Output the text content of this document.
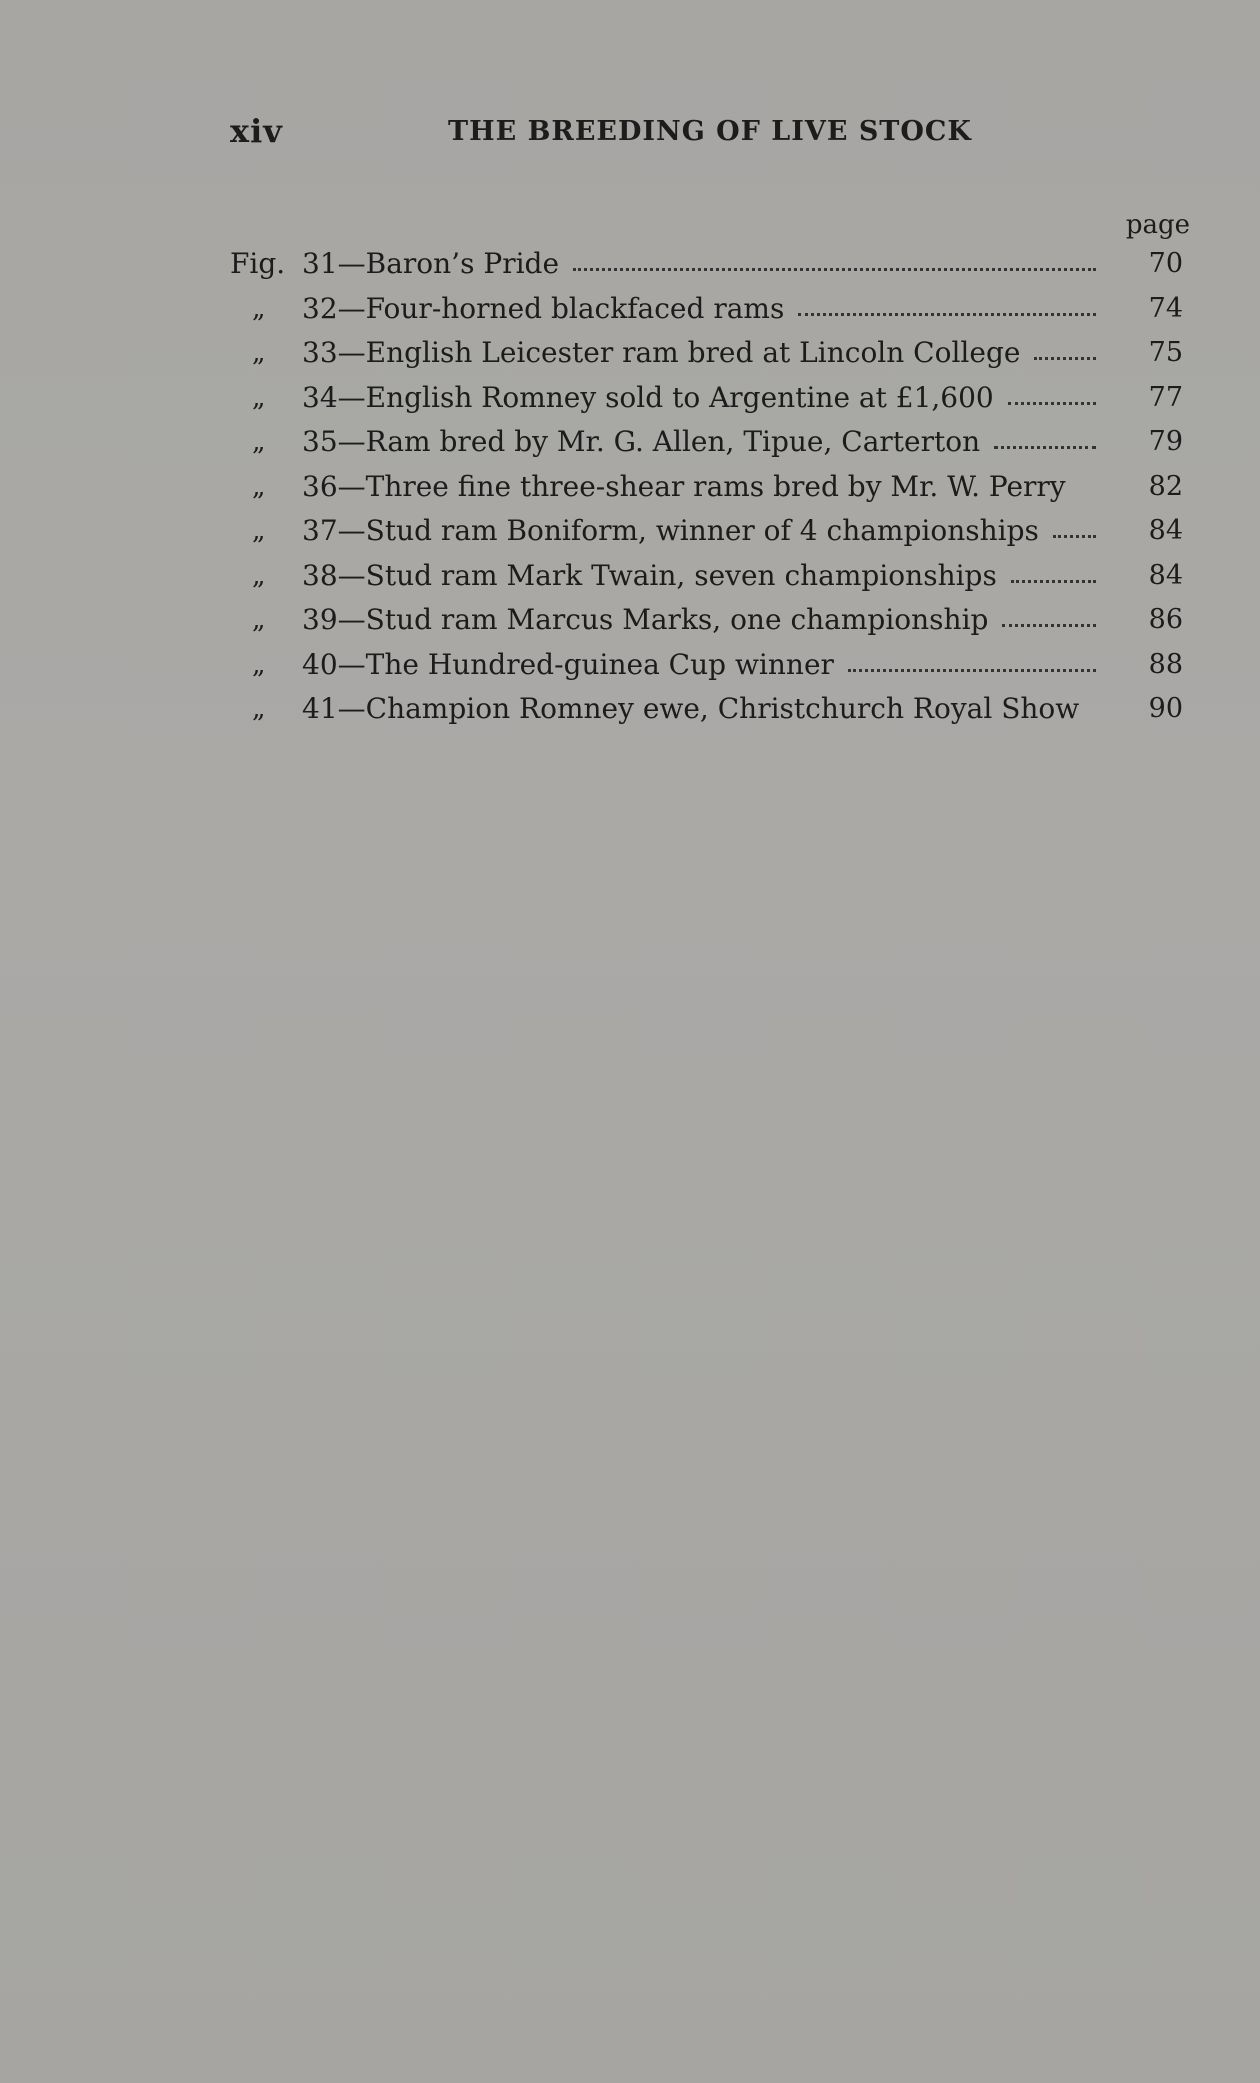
xiv	THE BREEDING OF LIVE STOCK
page
Fig. 31 — Baron’s Pride	70
„ 32 — Four-horned blackfaced rams	74
„ 33 — English Leicester ram bred at Lincoln College	75
„ 34 — English Romney sold to Argentine at £1,600	77
„ 35 — Ram bred by Mr. G. Allen, Tipue, Carterton	79
„ 36 — Three fine three-shear rams bred by Mr. W. Perry	82
„ 37 — Stud ram Boniform, winner of 4 championships	84
„ 38 — Stud ram Mark Twain, seven championships	84
„ 39 — Stud ram Marcus Marks, one championship	86
„ 40 — The Hundred-guinea Cup winner	88
„ 41 — Champion Romney ewe, Christchurch Royal Show	90
